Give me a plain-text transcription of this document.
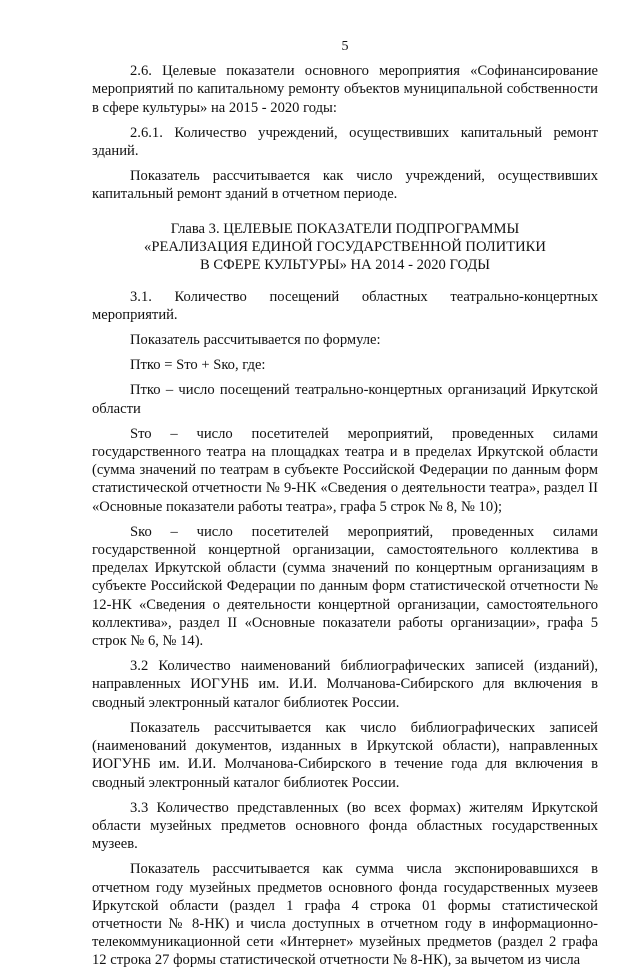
5

2.6. Целевые показатели основного мероприятия «Софинансирование мероприятий по капитальному ремонту объектов муниципальной собственности в сфере культуры» на 2015 - 2020 годы:

2.6.1. Количество учреждений, осуществивших капитальный ремонт зданий.

Показатель рассчитывается как число учреждений, осуществивших капитальный ремонт зданий в отчетном периоде.

Глава 3. ЦЕЛЕВЫЕ ПОКАЗАТЕЛИ ПОДПРОГРАММЫ
«РЕАЛИЗАЦИЯ ЕДИНОЙ ГОСУДАРСТВЕННОЙ ПОЛИТИКИ
В СФЕРЕ КУЛЬТУРЫ» НА 2014 - 2020 ГОДЫ

3.1. Количество посещений областных театрально-концертных мероприятий.

Показатель рассчитывается по формуле:

Птко = Sто + Sко, где:

Птко – число посещений театрально-концертных организаций Иркутской области

Sто – число посетителей мероприятий, проведенных силами государственного театра на площадках театра и в пределах Иркутской области (сумма значений по театрам в субъекте Российской Федерации по данным форм статистической отчетности № 9-НК «Сведения о деятельности театра», раздел II «Основные показатели работы театра», графа 5 строк № 8, № 10);

Sко – число посетителей мероприятий, проведенных силами государственной концертной организации, самостоятельного коллектива в пределах Иркутской области (сумма значений по концертным организациям в субъекте Российской Федерации по данным форм статистической отчетности № 12-НК «Сведения о деятельности концертной организации, самостоятельного коллектива», раздел II «Основные показатели работы организации», графа 5 строк № 6, № 14).

3.2 Количество наименований библиографических записей (изданий), направленных ИОГУНБ им. И.И. Молчанова-Сибирского для включения в сводный электронный каталог библиотек России.

Показатель рассчитывается как число библиографических записей (наименований документов, изданных в Иркутской области), направленных ИОГУНБ им. И.И. Молчанова-Сибирского в течение года для включения в сводный электронный каталог библиотек России.

3.3 Количество представленных (во всех формах) жителям Иркутской области музейных предметов основного фонда областных государственных музеев.

Показатель рассчитывается как сумма числа экспонировавшихся в отчетном году музейных предметов основного фонда государственных музеев Иркутской области (раздел 1 графа 4 строка 01 формы статистической отчетности № 8-НК) и числа доступных в отчетном году в информационно-телекоммуникационной сети «Интернет» музейных предметов (раздел 2 графа 12 строка 27 формы статистической отчетности № 8-НК), за вычетом из числа
